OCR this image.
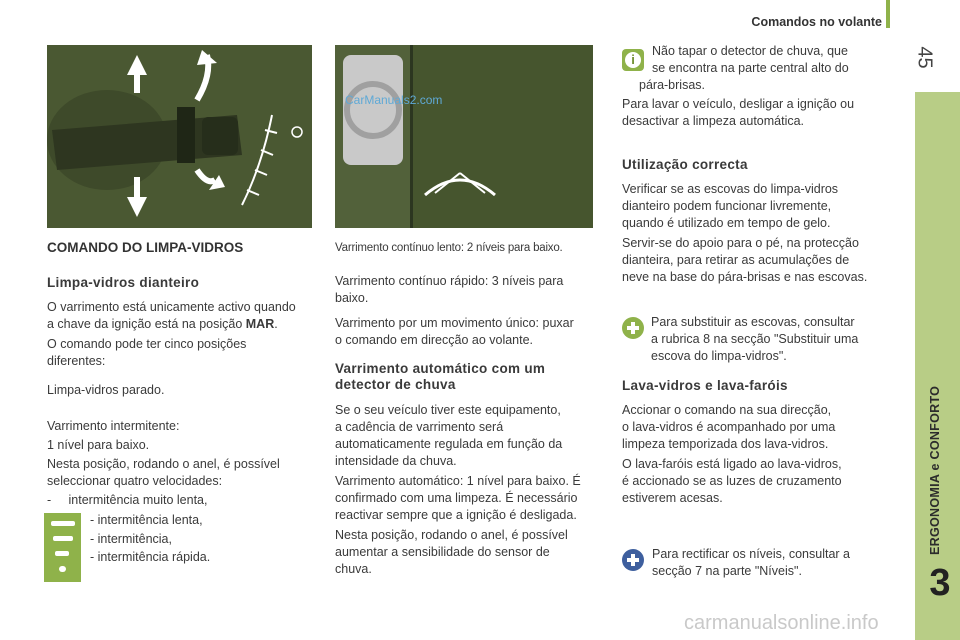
Comandos no volante
45
ERGONOMIA e CONFORTO
3
CarManuals2.com
COMANDO DO LIMPA-VIDROS
Limpa-vidros dianteiro

O varrimento está unicamente activo quando

a chave da ignição está na posição MAR.

O comando pode ter cinco posições

diferentes:

Limpa-vidros parado.

Varrimento intermitente:

1 nível para baixo.

Nesta posição, rodando o anel, é possível

seleccionar quatro velocidades:

-     intermitência muito lenta,

- intermitência lenta,

- intermitência,

- intermitência rápida.

Varrimento contínuo lento: 2 níveis para baixo.

Varrimento contínuo rápido: 3 níveis para

baixo.

Varrimento por um movimento único: puxar

o comando em direcção ao volante.

Varrimento automático com um
detector de chuva

Se o seu veículo tiver este equipamento,

a cadência de varrimento será

automaticamente regulada em função da

intensidade da chuva.

Varrimento automático: 1 nível para baixo. É

confirmado com uma limpeza. É necessário

reactivar sempre que a ignição é desligada.

Nesta posição, rodando o anel, é possível

aumentar a sensibilidade do sensor de

chuva.

i

Não tapar o detector de chuva, que

se encontra na parte central alto do

pára-brisas.

Para lavar o veículo, desligar a ignição ou

desactivar a limpeza automática.

Utilização correcta

Verificar se as escovas do limpa-vidros

dianteiro podem funcionar livremente,

quando é utilizado em tempo de gelo.

Servir-se do apoio para o pé, na protecção

dianteira, para retirar as acumulações de

neve na base do pára-brisas e nas escovas.

Para substituir as escovas, consultar

a rubrica 8 na secção "Substituir uma

escova do limpa-vidros".

Lava-vidros e lava-faróis

Accionar o comando na sua direcção,

o lava-vidros é acompanhado por uma

limpeza temporizada dos lava-vidros.

O lava-faróis está ligado ao lava-vidros,

é accionado se as luzes de cruzamento

estiverem acesas.

Para rectificar os níveis, consultar a

secção 7 na parte "Níveis".

carmanualsonline.info
